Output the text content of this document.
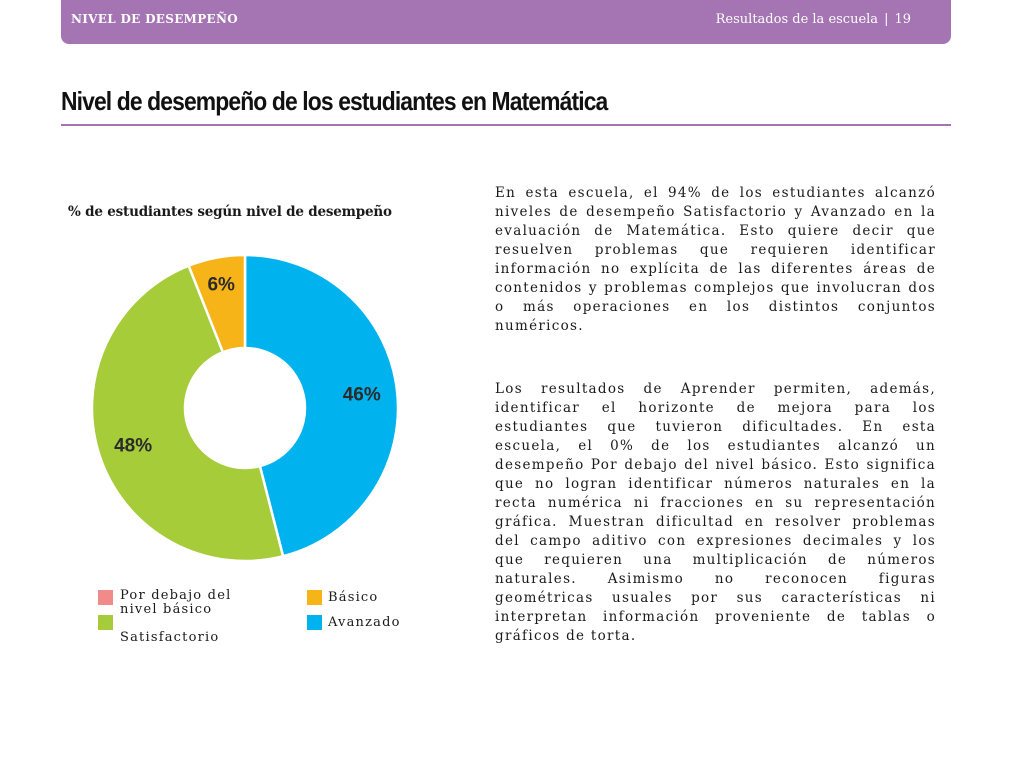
NIVEL DE DESEMPEÑO	Resultados de la escuela | 19
Nivel de desempeño de los estudiantes en Matemática
% de estudiantes según nivel de desempeño
46%
48%
6%
Por debajo del nivel básico
Satisfactorio
Básico
Avanzado

En esta escuela, el 94% de los estudiantes alcanzó niveles de desempeño Satisfactorio y Avanzado en la evaluación de Matemática. Esto quiere decir que resuelven problemas que requieren identificar información no explícita de las diferentes áreas de contenidos y problemas complejos que involucran dos o más operaciones en los distintos conjuntos numéricos.

Los resultados de Aprender permiten, además, identificar el horizonte de mejora para los estudiantes que tuvieron dificultades. En esta escuela, el 0% de los estudiantes alcanzó un desempeño Por debajo del nivel básico. Esto significa que no logran identificar números naturales en la recta numérica ni fracciones en su representación gráfica. Muestran dificultad en resolver problemas del campo aditivo con expresiones decimales y los que requieren una multiplicación de números naturales. Asimismo no reconocen figuras geométricas usuales por sus características ni interpretan información proveniente de tablas o gráficos de torta.
